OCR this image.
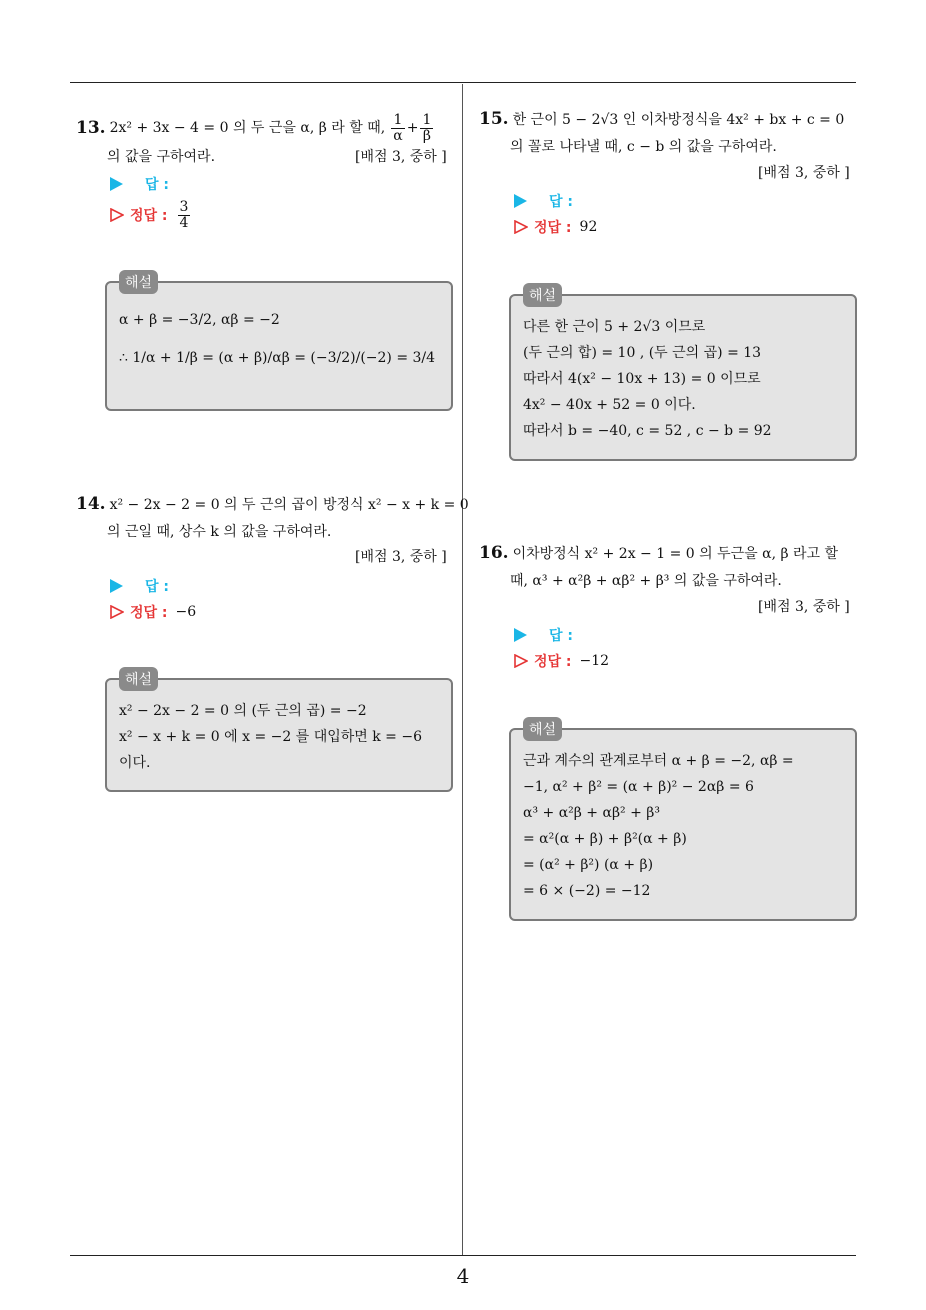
4
13. 2x² + 3x − 4 = 0 의 두 근을 α, β 라 할 때, $\frac{1}{\alpha} + \frac{1}{\beta}$
의 값을 구하여라.	[배점 3, 중하 ]
답 :
정답 : $\frac{3}{4}$
해설
α + β = −3/2, αβ = −2
∴ 1/α + 1/β = (α + β)/αβ = (−3/2)/(−2) = 3/4
14. x² − 2x − 2 = 0 의 두 근의 곱이 방정식 x² − x + k = 0
의 근일 때, 상수 k 의 값을 구하여라.
[배점 3, 중하 ]
답 :
정답 : −6
해설
x² − 2x − 2 = 0 의 (두 근의 곱) = −2
x² − x + k = 0 에 x = −2 를 대입하면 k = −6
이다.
15. 한 근이 5 − 2√3 인 이차방정식을 4x² + bx + c = 0
의 꼴로 나타낼 때, c − b 의 값을 구하여라.
[배점 3, 중하 ]
답 :
정답 : 92
해설
다른 한 근이 5 + 2√3 이므로
(두 근의 합) = 10 , (두 근의 곱) = 13
따라서 4(x² − 10x + 13) = 0 이므로
4x² − 40x + 52 = 0 이다.
따라서 b = −40, c = 52 , c − b = 92
16. 이차방정식 x² + 2x − 1 = 0 의 두근을 α, β 라고 할
때, α³ + α²β + αβ² + β³ 의 값을 구하여라.
[배점 3, 중하 ]
답 :
정답 : −12
해설
근과 계수의 관계로부터 α + β = −2, αβ =
−1, α² + β² = (α + β)² − 2αβ = 6
α³ + α²β + αβ² + β³
= α²(α + β) + β²(α + β)
= (α² + β²) (α + β)
= 6 × (−2) = −12
